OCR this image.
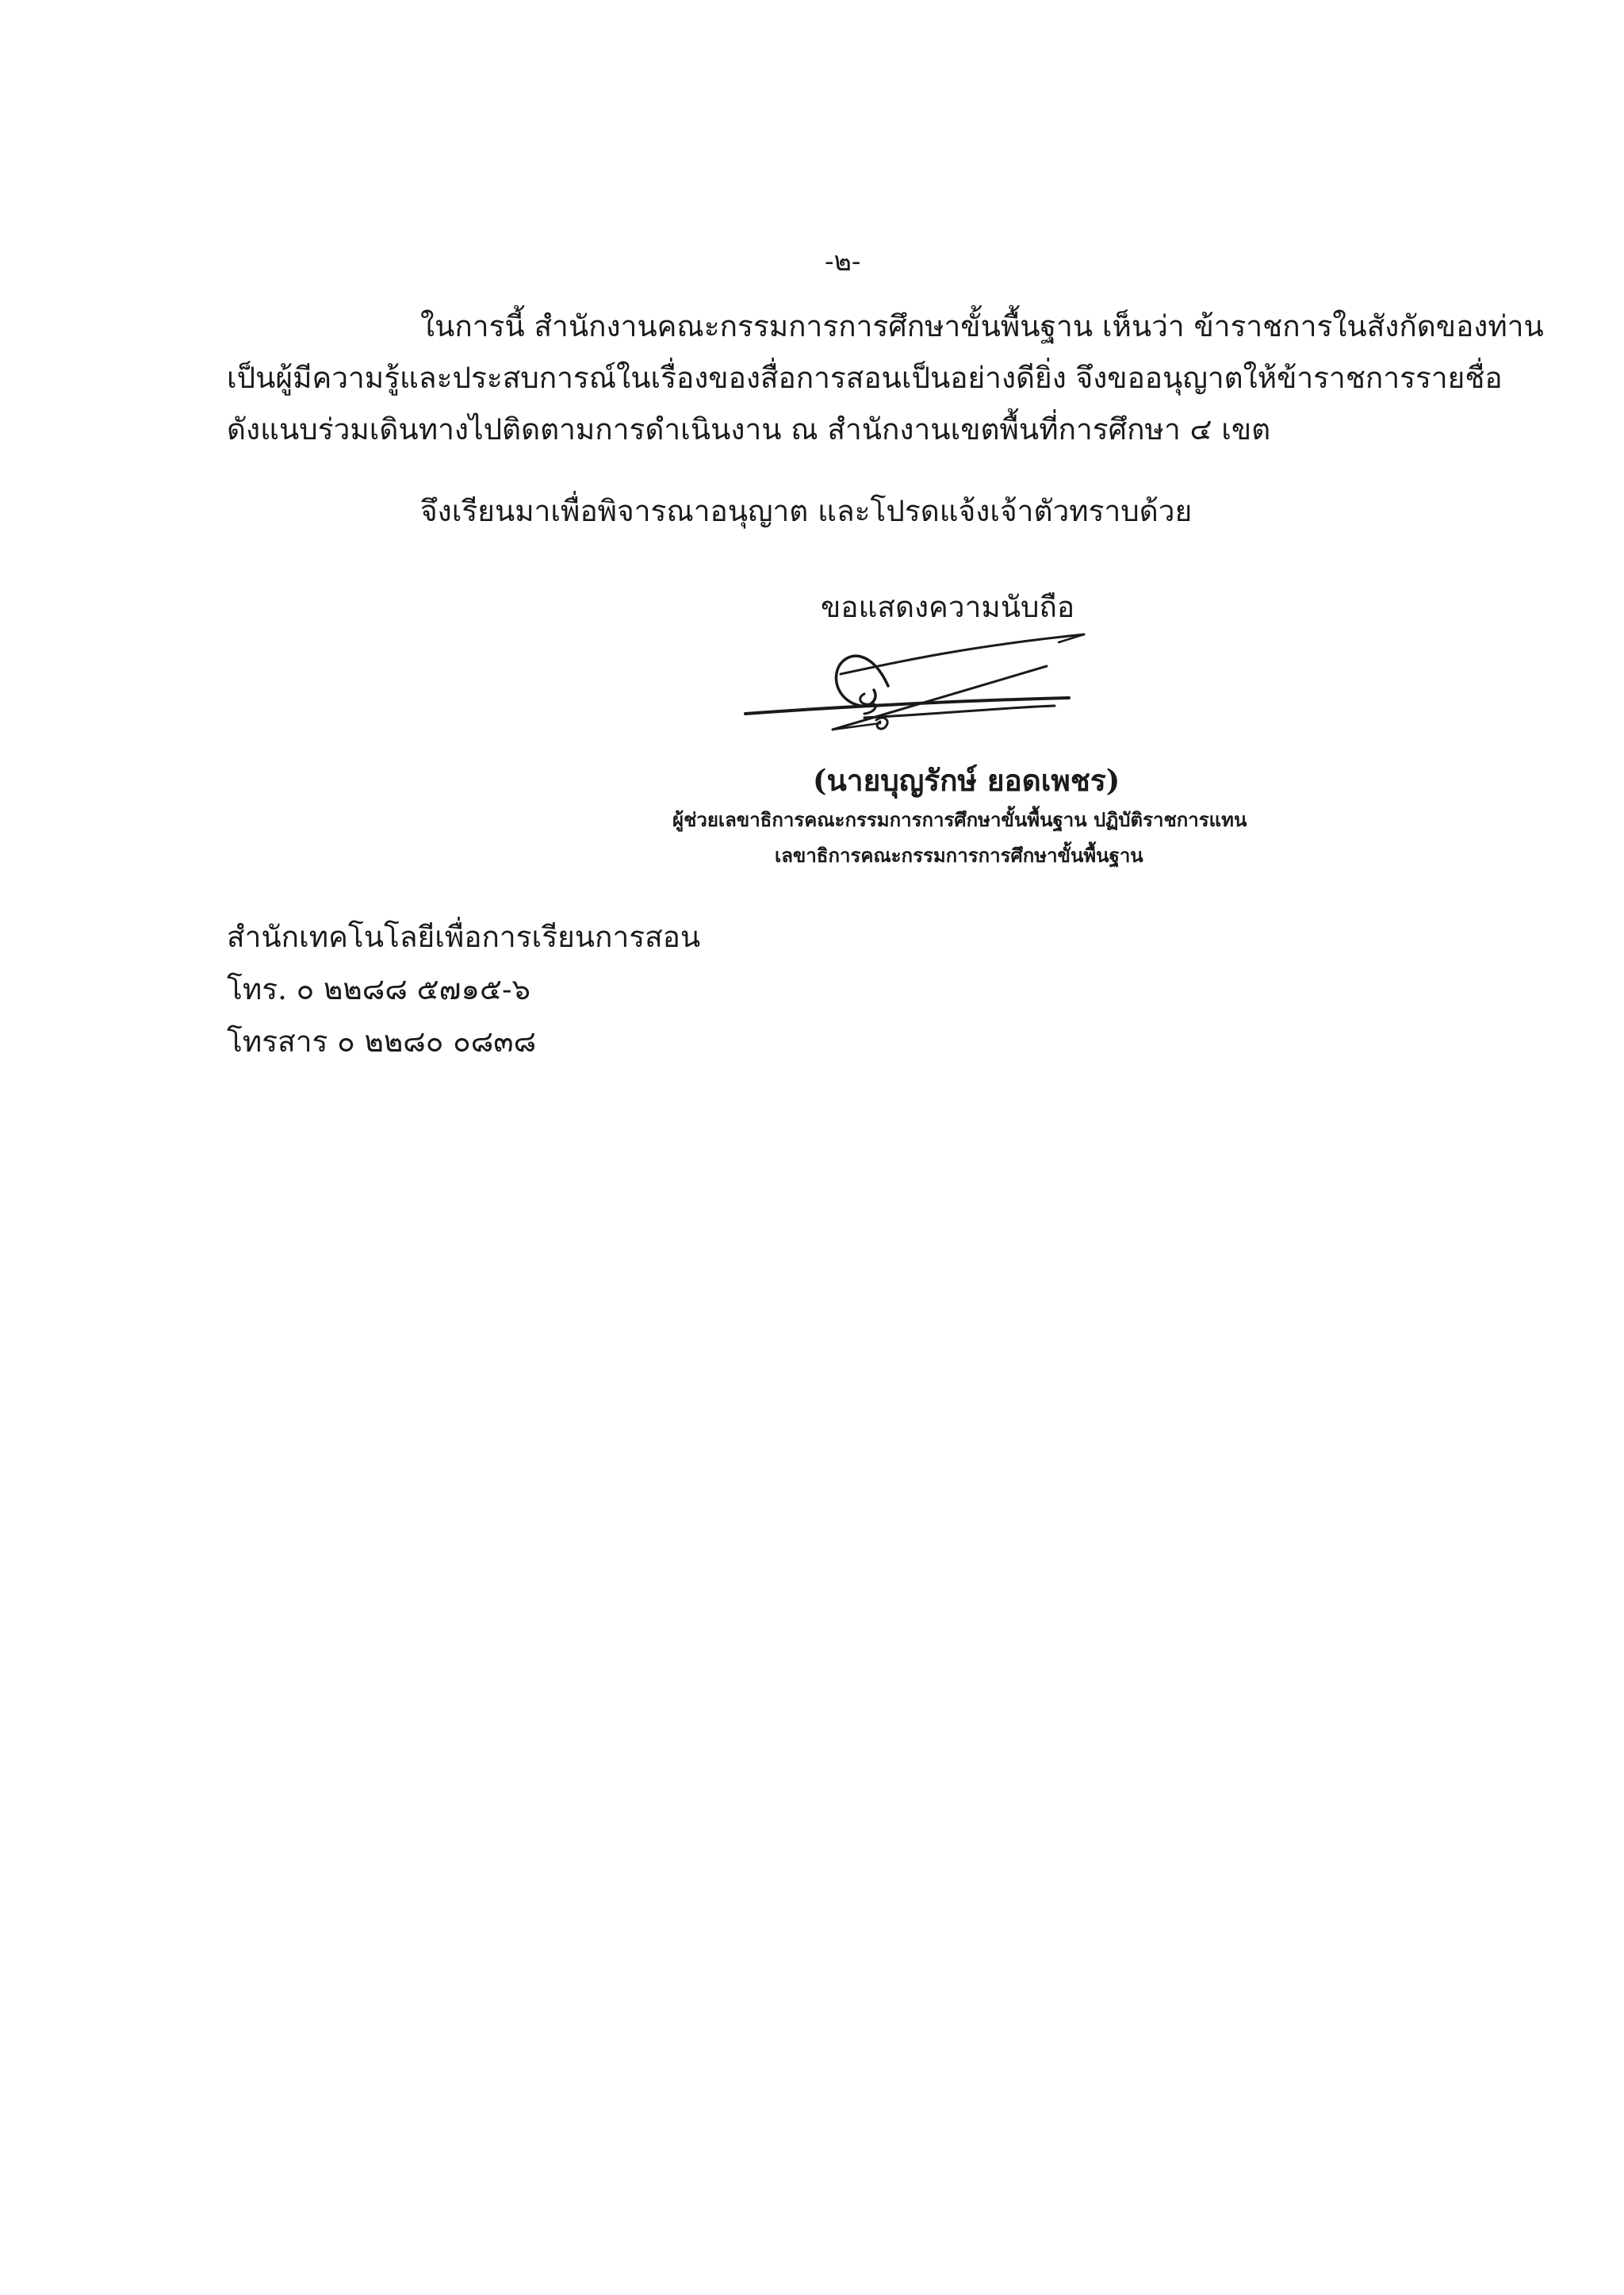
-๒-
ในการนี้ สำนักงานคณะกรรมการการศึกษาขั้นพื้นฐาน เห็นว่า ข้าราชการในสังกัดของท่าน
เป็นผู้มีความรู้และประสบการณ์ในเรื่องของสื่อการสอนเป็นอย่างดียิ่ง จึงขออนุญาตให้ข้าราชการรายชื่อ
ดังแนบร่วมเดินทางไปติดตามการดำเนินงาน ณ สำนักงานเขตพื้นที่การศึกษา ๔ เขต
จึงเรียนมาเพื่อพิจารณาอนุญาต และโปรดแจ้งเจ้าตัวทราบด้วย
ขอแสดงความนับถือ
(นายบุญรักษ์ ยอดเพชร)
ผู้ช่วยเลขาธิการคณะกรรมการการศึกษาขั้นพื้นฐาน ปฏิบัติราชการแทน
เลขาธิการคณะกรรมการการศึกษาขั้นพื้นฐาน
สำนักเทคโนโลยีเพื่อการเรียนการสอน
โทร. ๐ ๒๒๘๘ ๕๗๑๕-๖
โทรสาร ๐ ๒๒๘๐ ๐๘๓๘
